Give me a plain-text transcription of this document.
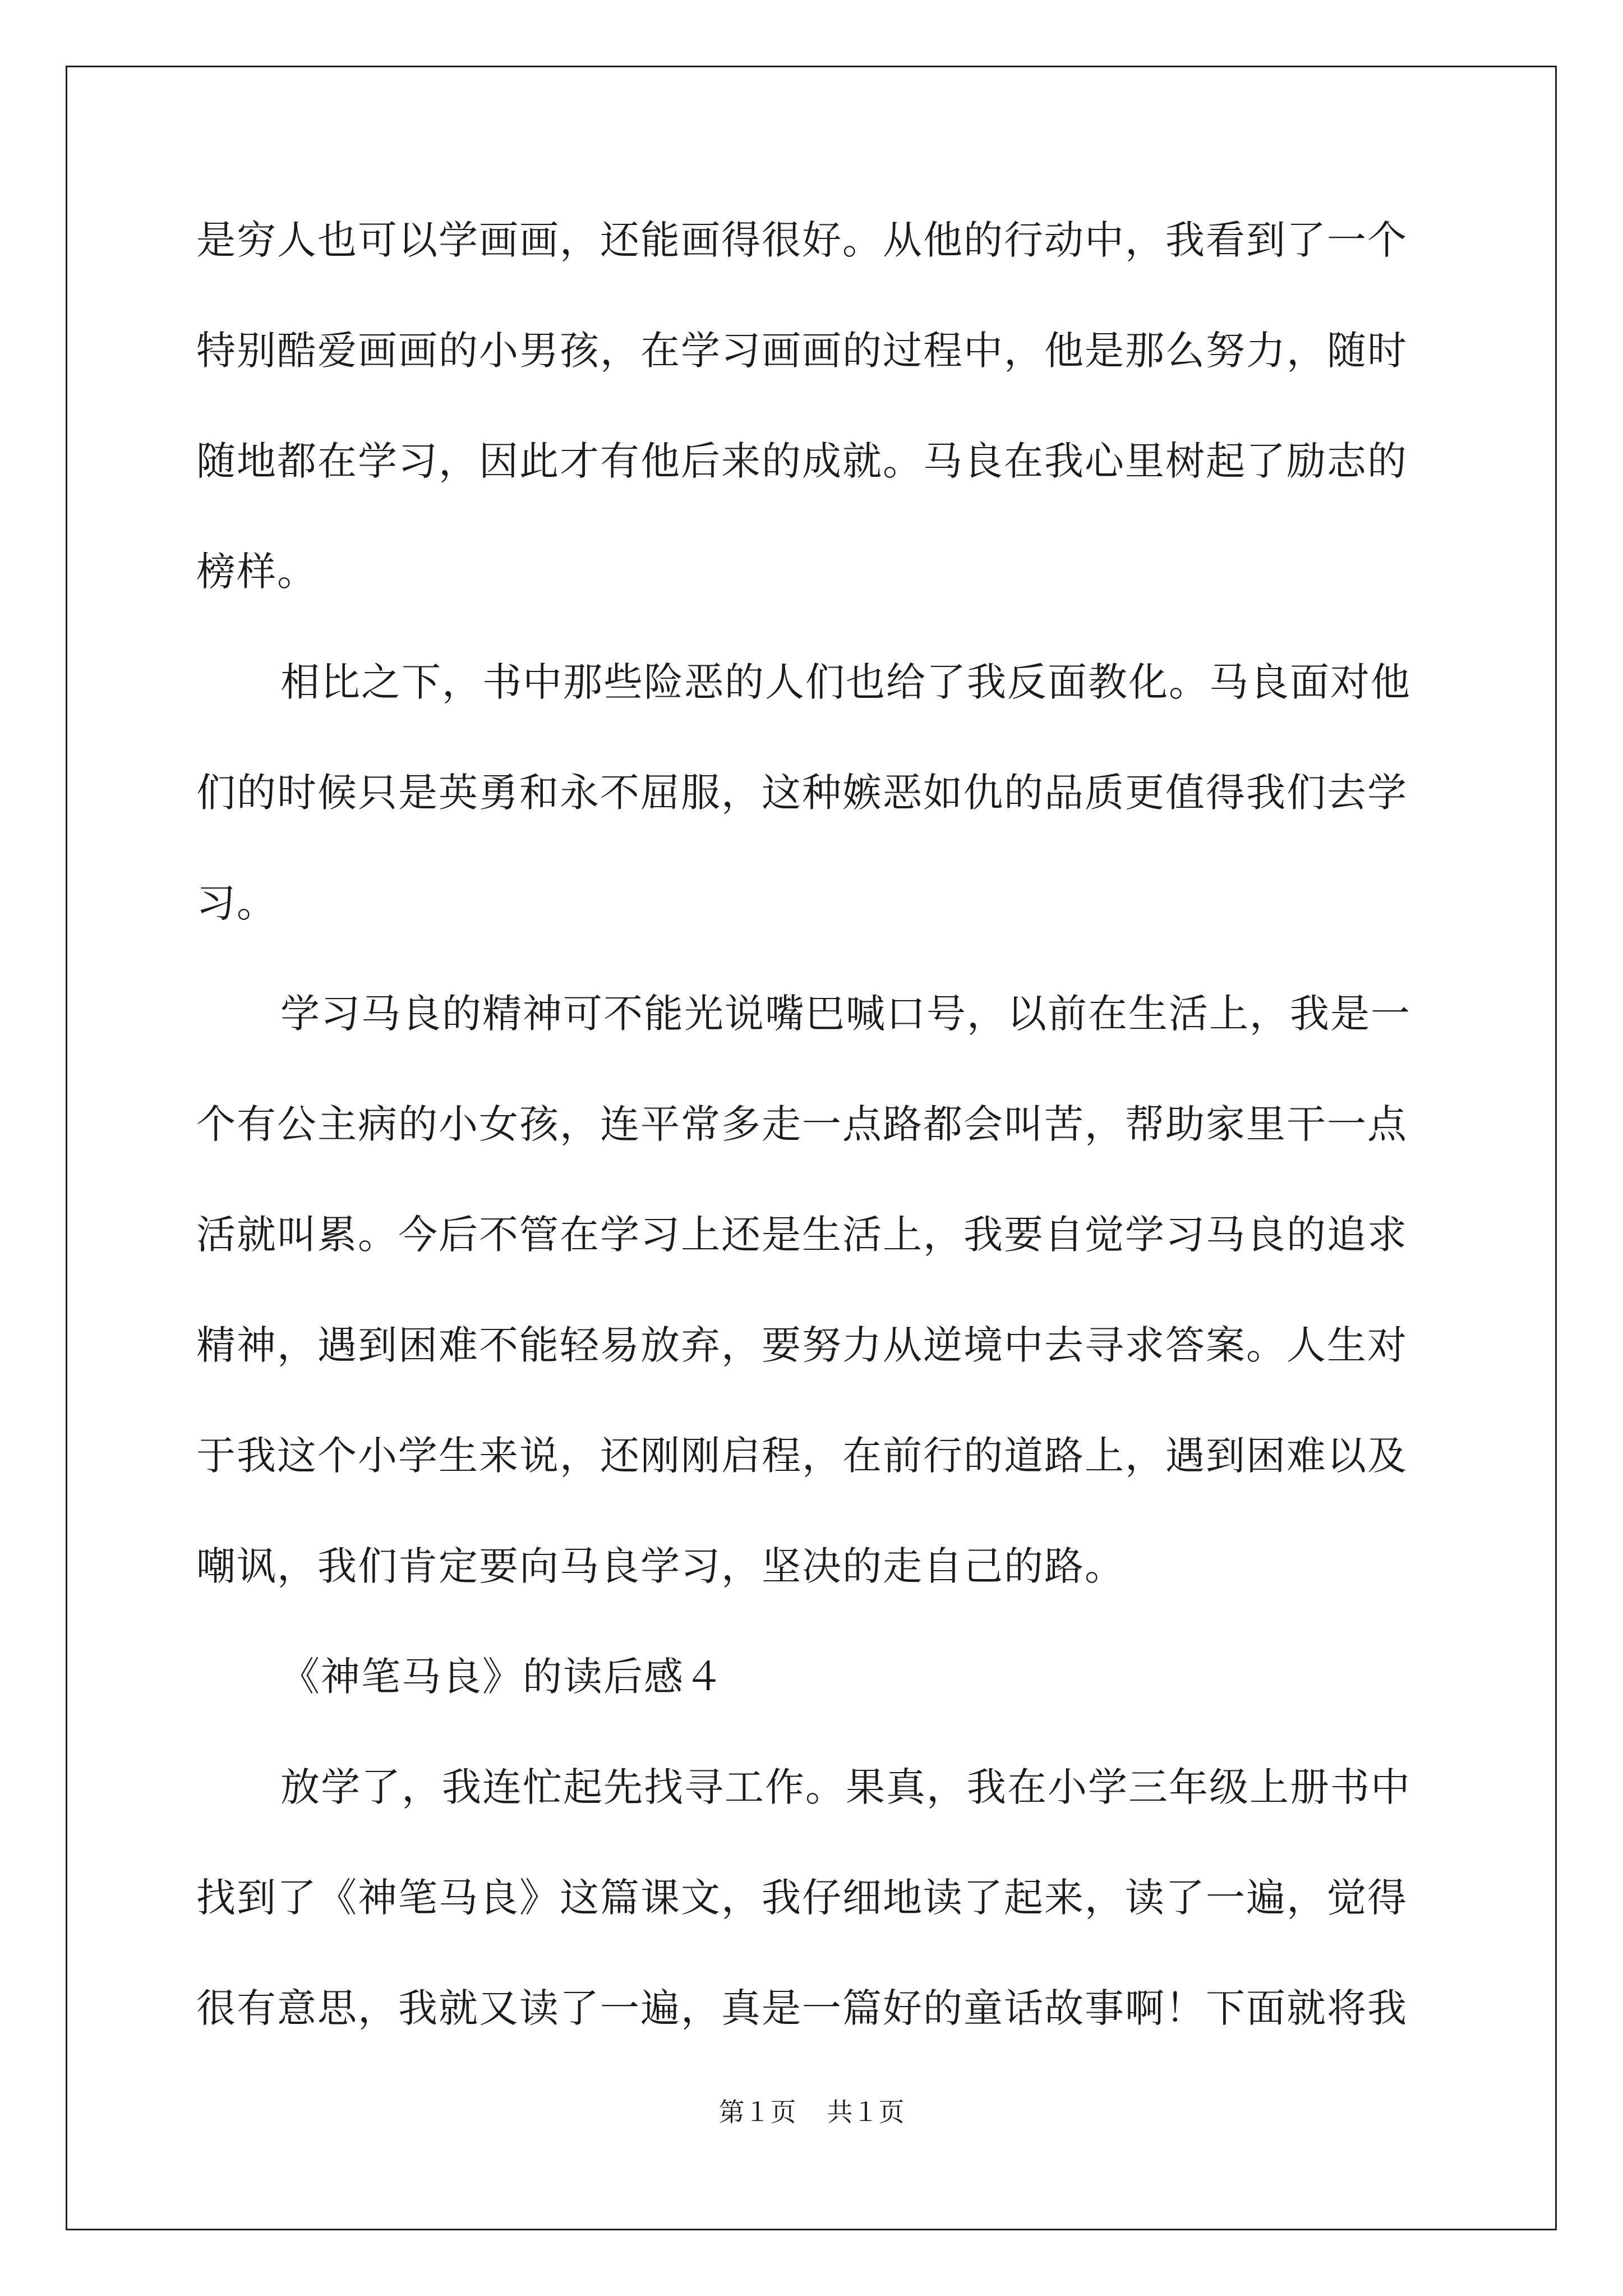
是穷人也可以学画画，还能画得很好。从他的行动中，我看到了一个
特别酷爱画画的小男孩，在学习画画的过程中，他是那么努力，随时
随地都在学习，因此才有他后来的成就。马良在我心里树起了励志的
榜样。
相比之下，书中那些险恶的人们也给了我反面教化。马良面对他
们的时候只是英勇和永不屈服，这种嫉恶如仇的品质更值得我们去学
习。
学习马良的精神可不能光说嘴巴喊口号，以前在生活上，我是一
个有公主病的小女孩，连平常多走一点路都会叫苦，帮助家里干一点
活就叫累。今后不管在学习上还是生活上，我要自觉学习马良的追求
精神，遇到困难不能轻易放弃，要努力从逆境中去寻求答案。人生对
于我这个小学生来说，还刚刚启程，在前行的道路上，遇到困难以及
嘲讽，我们肯定要向马良学习，坚决的走自己的路。
《神笔马良》的读后感４
放学了，我连忙起先找寻工作。果真，我在小学三年级上册书中
找到了《神笔马良》这篇课文，我仔细地读了起来，读了一遍，觉得
很有意思，我就又读了一遍，真是一篇好的童话故事啊！下面就将我
第１页 共１页
